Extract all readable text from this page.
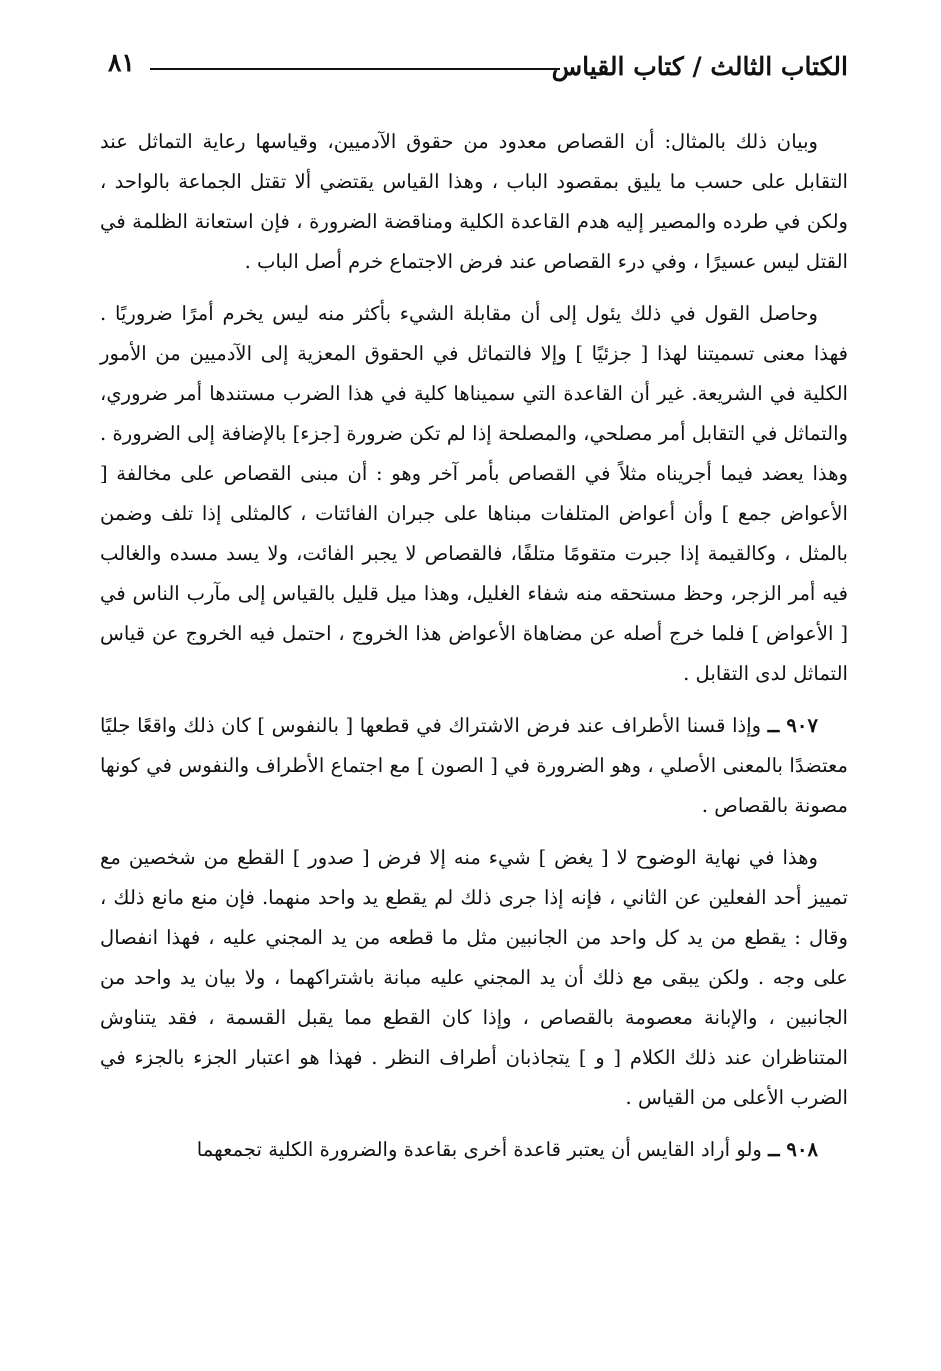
الكتاب الثالث / كتاب القياس
٨١

وبيان ذلك بالمثال: أن القصاص معدود من حقوق الآدميين، وقياسها رعاية التماثل عند التقابل على حسب ما يليق بمقصود الباب ، وهذا القياس يقتضي ألا تقتل الجماعة بالواحد ، ولكن في طرده والمصير إليه هدم القاعدة الكلية ومناقضة الضرورة ، فإن استعانة الظلمة في القتل ليس عسيرًا ، وفي درء القصاص عند فرض الاجتماع خرم أصل الباب .

وحاصل القول في ذلك يئول إلى أن مقابلة الشيء بأكثر منه ليس يخرم أمرًا ضروريًا . فهذا معنى تسميتنا لهذا [ جزئيًا ] وإلا فالتماثل في الحقوق المعزية إلى الآدميين من الأمور الكلية في الشريعة. غير أن القاعدة التي سميناها كلية في هذا الضرب مستندها أمر ضروري، والتماثل في التقابل أمر مصلحي، والمصلحة إذا لم تكن ضرورة [جزء] بالإضافة إلى الضرورة . وهذا يعضد فيما أجريناه مثلاً في القصاص بأمر آخر وهو : أن مبنى القصاص على مخالفة [ الأعواض جمع ] وأن أعواض المتلفات مبناها على جبران الفائتات ، كالمثلى إذا تلف وضمن بالمثل ، وكالقيمة إذا جبرت متقومًا متلفًا، فالقصاص لا يجبر الفائت، ولا يسد مسده والغالب فيه أمر الزجر، وحظ مستحقه منه شفاء الغليل، وهذا ميل قليل بالقياس إلى مآرب الناس في [ الأعواض ] فلما خرج أصله عن مضاهاة الأعواض هذا الخروج ، احتمل فيه الخروج عن قياس التماثل لدى التقابل .

٩٠٧ ــ وإذا قسنا الأطراف عند فرض الاشتراك في قطعها [ بالنفوس ] كان ذلك واقعًا جليًا معتضدًا بالمعنى الأصلي ، وهو الضرورة في [ الصون ] مع اجتماع الأطراف والنفوس في كونها مصونة بالقصاص .

وهذا في نهاية الوضوح لا [ يغض ] شيء منه إلا فرض [ صدور ] القطع من شخصين مع تمييز أحد الفعلين عن الثاني ، فإنه إذا جرى ذلك لم يقطع يد واحد منهما. فإن منع مانع ذلك ، وقال : يقطع من يد كل واحد من الجانبين مثل ما قطعه من يد المجني عليه ، فهذا انفصال على وجه . ولكن يبقى مع ذلك أن يد المجني عليه مبانة باشتراكهما ، ولا بيان يد واحد من الجانبين ، والإبانة معصومة بالقصاص ، وإذا كان القطع مما يقبل القسمة ، فقد يتناوش المتناظران عند ذلك الكلام [ و ] يتجاذبان أطراف النظر . فهذا هو اعتبار الجزء بالجزء في الضرب الأعلى من القياس .

٩٠٨ ــ ولو أراد القايس أن يعتبر قاعدة أخرى بقاعدة والضرورة الكلية تجمعهما
